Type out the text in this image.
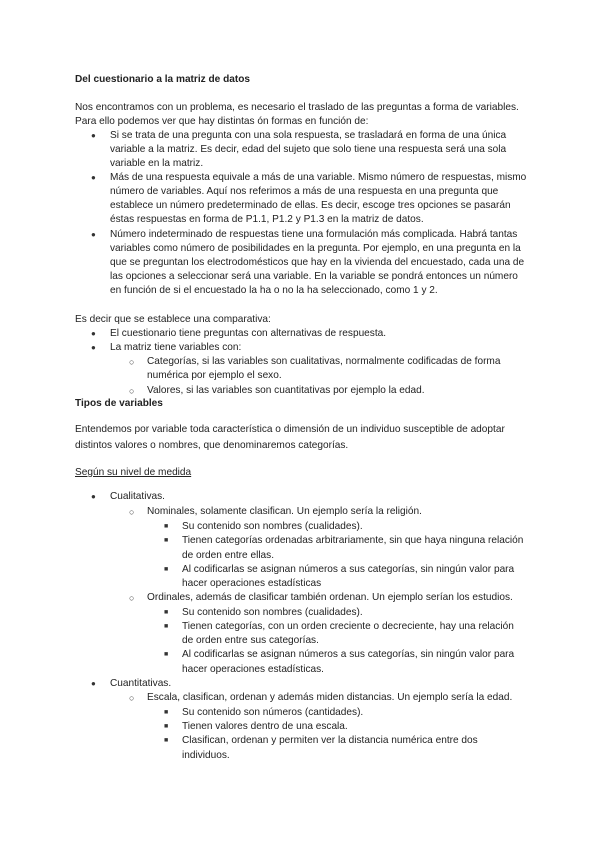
Del cuestionario a la matriz de datos
Nos encontramos con un problema, es necesario el traslado de las preguntas a forma de variables.
Para ello podemos ver que hay distintas ón formas en función de:
● Si se trata de una pregunta con una sola respuesta, se trasladará en forma de una única
variable a la matriz. Es decir, edad del sujeto que solo tiene una respuesta será una sola
variable en la matriz.
● Más de una respuesta equivale a más de una variable. Mismo número de respuestas, mismo
número de variables. Aquí nos referimos a más de una respuesta en una pregunta que
establece un número predeterminado de ellas. Es decir, escoge tres opciones se pasarán
éstas respuestas en forma de P1.1, P1.2 y P1.3 en la matriz de datos.
● Número indeterminado de respuestas tiene una formulación más complicada. Habrá tantas
variables como número de posibilidades en la pregunta. Por ejemplo, en una pregunta en la
que se preguntan los electrodomésticos que hay en la vivienda del encuestado, cada una de
las opciones a seleccionar será una variable. En la variable se pondrá entonces un número
en función de si el encuestado la ha o no la ha seleccionado, como 1 y 2.
Es decir que se establece una comparativa:
● El cuestionario tiene preguntas con alternativas de respuesta.
● La matriz tiene variables con:
○ Categorías, si las variables son cualitativas, normalmente codificadas de forma
numérica por ejemplo el sexo.
○ Valores, si las variables son cuantitativas por ejemplo la edad.
Tipos de variables
Entendemos por variable toda característica o dimensión de un individuo susceptible de adoptar
distintos valores o nombres, que denominaremos categorías.
Según su nivel de medida
● Cualitativas.
○ Nominales, solamente clasifican. Un ejemplo sería la religión.
■ Su contenido son nombres (cualidades).
■ Tienen categorías ordenadas arbitrariamente, sin que haya ninguna relación
de orden entre ellas.
■ Al codificarlas se asignan números a sus categorías, sin ningún valor para
hacer operaciones estadísticas
○ Ordinales, además de clasificar también ordenan. Un ejemplo serían los estudios.
■ Su contenido son nombres (cualidades).
■ Tienen categorías, con un orden creciente o decreciente, hay una relación
de orden entre sus categorías.
■ Al codificarlas se asignan números a sus categorías, sin ningún valor para
hacer operaciones estadísticas.
● Cuantitativas.
○ Escala, clasifican, ordenan y además miden distancias. Un ejemplo sería la edad.
■ Su contenido son números (cantidades).
■ Tienen valores dentro de una escala.
■ Clasifican, ordenan y permiten ver la distancia numérica entre dos
individuos.
